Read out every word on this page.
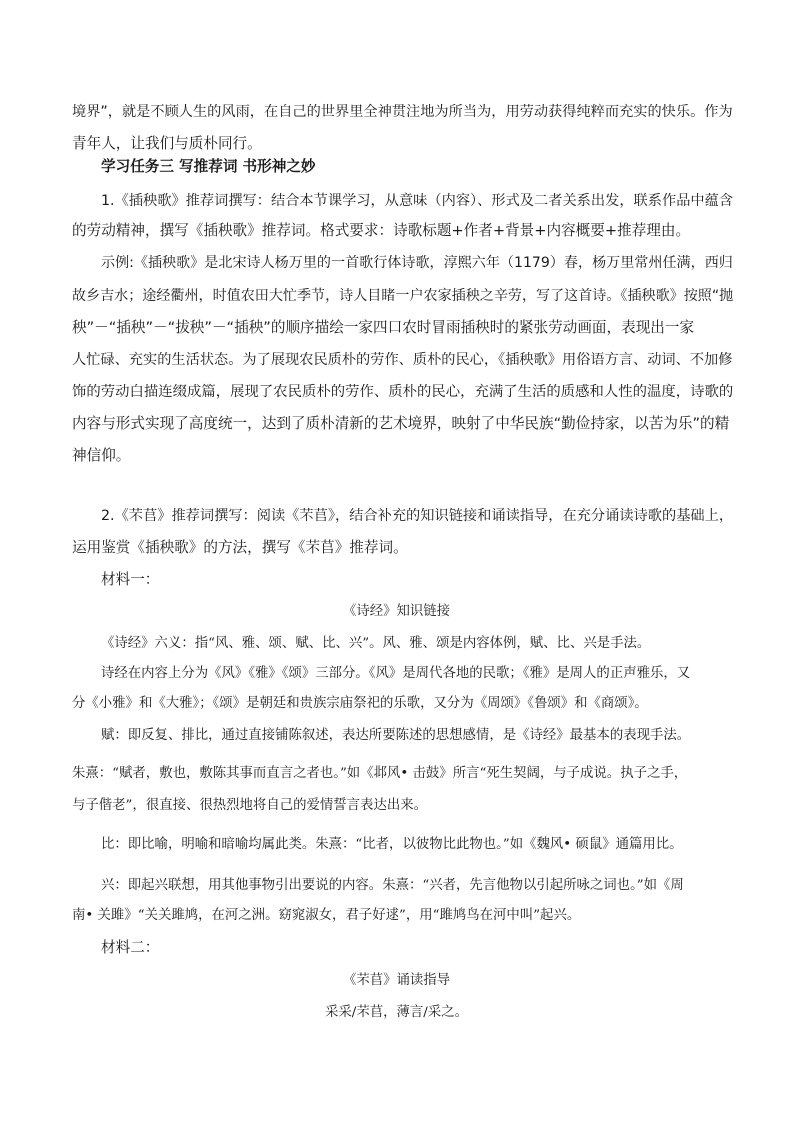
境界”，就是不顾人生的风雨，在自己的世界里全神贯注地为所当为，用劳动获得纯粹而充实的快乐。作为

青年人，让我们与质朴同行。

学习任务三 写推荐词 书形神之妙

1.《插秧歌》推荐词撰写：结合本节课学习，从意味（内容）、形式及二者关系出发，联系作品中蕴含

的劳动精神，撰写《插秧歌》推荐词。格式要求：诗歌标题+作者+背景+内容概要+推荐理由。

示例:《插秧歌》是北宋诗人杨万里的一首歌行体诗歌，淳熙六年（1179）春，杨万里常州任满，西归

故乡吉水；途经衢州，时值农田大忙季节，诗人目睹一户农家插秧之辛劳，写了这首诗。《插秧歌》按照“抛

秧”－“插秧”－“拔秧”－“插秧”的顺序描绘一家四口农时冒雨插秧时的紧张劳动画面，表现出一家

人忙碌、充实的生活状态。为了展现农民质朴的劳作、质朴的民心，《插秧歌》用俗语方言、动词、不加修

饰的劳动白描连缀成篇，展现了农民质朴的劳作、质朴的民心，充满了生活的质感和人性的温度，诗歌的

内容与形式实现了高度统一，达到了质朴清新的艺术境界，映射了中华民族“勤俭持家，以苦为乐”的精

神信仰。

2.《芣苢》推荐词撰写：阅读《芣苢》，结合补充的知识链接和诵读指导，在充分诵读诗歌的基础上，

运用鉴赏《插秧歌》的方法，撰写《芣苢》推荐词。

材料一：

《诗经》知识链接

《诗经》六义：指“风、雅、颂、赋、比、兴”。风、雅、颂是内容体例，赋、比、兴是手法。

诗经在内容上分为《风》《雅》《颂》三部分。《风》是周代各地的民歌；《雅》是周人的正声雅乐，又

分《小雅》和《大雅》；《颂》是朝廷和贵族宗庙祭祀的乐歌，又分为《周颂》《鲁颂》和《商颂》。

赋：即反复、排比，通过直接铺陈叙述，表达所要陈述的思想感情，是《诗经》最基本的表现手法。

朱熹：“赋者，敷也，敷陈其事而直言之者也。”如《邶风• 击鼓》所言“死生契阔，与子成说。执子之手，

与子偕老”，很直接、很热烈地将自己的爱情誓言表达出来。

比：即比喻，明喻和暗喻均属此类。朱熹：“比者，以彼物比此物也。”如《魏风• 硕鼠》通篇用比。

兴：即起兴联想，用其他事物引出要说的内容。朱熹：“兴者，先言他物以引起所咏之词也。”如《周

南• 关雎》“关关雎鸠，在河之洲。窈窕淑女，君子好逑”，用“雎鸠鸟在河中叫”起兴。

材料二：

《芣苢》诵读指导

采采/芣苢，薄言/采之。
